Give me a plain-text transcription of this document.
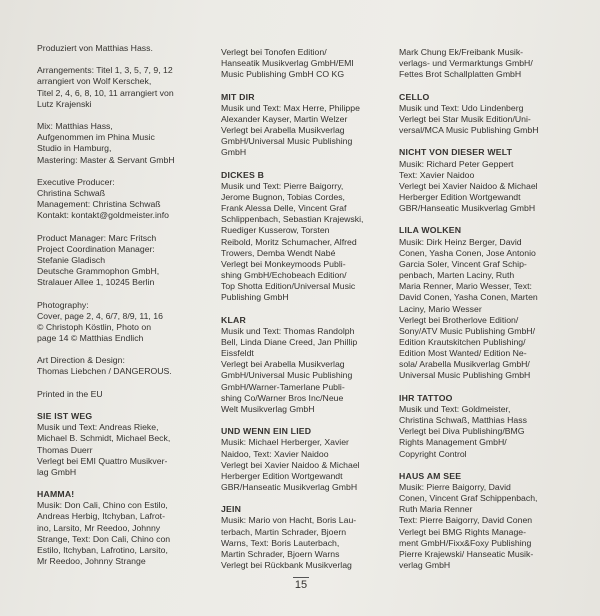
Produziert von Matthias Hass.
Arrangements: Titel 1, 3, 5, 7, 9, 12
arrangiert von Wolf Kerschek,
Titel 2, 4, 6, 8, 10, 11 arrangiert von
Lutz Krajenski
Mix: Matthias Hass,
Aufgenommen im Phina Music
Studio in Hamburg,
Mastering: Master & Servant GmbH
Executive Producer:
Christina Schwaß
Management: Christina Schwaß
Kontakt: kontakt@goldmeister.info
Product Manager: Marc Fritsch
Project Coordination Manager:
Stefanie Gladisch
Deutsche Grammophon GmbH,
Stralauer Allee 1, 10245 Berlin
Photography:
Cover, page 2, 4, 6/7, 8/9, 11, 16
© Christoph Köstlin, Photo on
page 14 © Matthias Endlich
Art Direction & Design:
Thomas Liebchen / DANGEROUS.
Printed in the EU
SIE IST WEG
Musik und Text: Andreas Rieke,
Michael B. Schmidt, Michael Beck,
Thomas Duerr
Verlegt bei EMI Quattro Musikver-
lag GmbH
HAMMA!
Musik: Don Cali, Chino con Estilo,
Andreas Herbig, Itchyban, Lafrot-
ino, Larsito, Mr Reedoo, Johnny
Strange, Text: Don Cali, Chino con
Estilo, Itchyban, Lafrotino, Larsito,
Mr Reedoo, Johnny Strange
Verlegt bei Tonofen Edition/
Hanseatik Musikverlag GmbH/EMI
Music Publishing GmbH CO KG
MIT DIR
Musik und Text: Max Herre, Philippe
Alexander Kayser, Martin Welzer
Verlegt bei Arabella Musikverlag
GmbH/Universal Music Publishing
GmbH
DICKES B
Musik und Text: Pierre Baigorry,
Jerome Bugnon, Tobias Cordes,
Frank Alessa Delle, Vincent Graf
Schlippenbach, Sebastian Krajewski,
Ruediger Kusserow, Torsten
Reibold, Moritz Schumacher, Alfred
Trowers, Demba Wendt Nabé
Verlegt bei Monkeymoods Publi-
shing GmbH/Echobeach Edition/
Top Shotta Edition/Universal Music
Publishing GmbH
KLAR
Musik und Text: Thomas Randolph
Bell, Linda Diane Creed, Jan Phillip
Eissfeldt
Verlegt bei Arabella Musikverlag
GmbH/Universal Music Publishing
GmbH/Warner-Tamerlane Publi-
shing Co/Warner Bros Inc/Neue
Welt Musikverlag GmbH
UND WENN EIN LIED
Musik: Michael Herberger, Xavier
Naidoo, Text: Xavier Naidoo
Verlegt bei Xavier Naidoo & Michael
Herberger Edition Wortgewandt
GBR/Hanseatic Musikverlag GmbH
JEIN
Musik: Mario von Hacht, Boris Lau-
terbach, Martin Schrader, Bjoern
Warns, Text: Boris Lauterbach,
Martin Schrader, Bjoern Warns
Verlegt bei Rückbank Musikverlag
Mark Chung Ek/Freibank Musik-
verlags- und Vermarktungs GmbH/
Fettes Brot Schallplatten GmbH
CELLO
Musik und Text: Udo Lindenberg
Verlegt bei Star Musik Edition/Uni-
versal/MCA Music Publishing GmbH
NICHT VON DIESER WELT
Musik: Richard Peter Geppert
Text: Xavier Naidoo
Verlegt bei Xavier Naidoo & Michael
Herberger Edition Wortgewandt
GBR/Hanseatic Musikverlag GmbH
LILA WOLKEN
Musik: Dirk Heinz Berger, David
Conen, Yasha Conen, Jose Antonio
Garcia Soler, Vincent Graf Schip-
penbach, Marten Laciny, Ruth
Maria Renner, Mario Wesser, Text:
David Conen, Yasha Conen, Marten
Laciny, Mario Wesser
Verlegt bei Brotherlove Edition/
Sony/ATV Music Publishing GmbH/
Edition Krautskitchen Publishing/
Edition Most Wanted/ Edition Ne-
sola/ Arabella Musikverlag GmbH/
Universal Music Publishing GmbH
IHR TATTOO
Musik und Text: Goldmeister,
Christina Schwaß, Matthias Hass
Verlegt bei Diva Publishing/BMG
Rights Management GmbH/
Copyright Control
HAUS AM SEE
Musik: Pierre Baigorry, David
Conen, Vincent Graf Schippenbach,
Ruth Maria Renner
Text: Pierre Baigorry, David Conen
Verlegt bei BMG Rights Manage-
ment GmbH/Fixx&Foxy Publishing
Pierre Krajewski/ Hanseatic Musik-
verlag GmbH
15
